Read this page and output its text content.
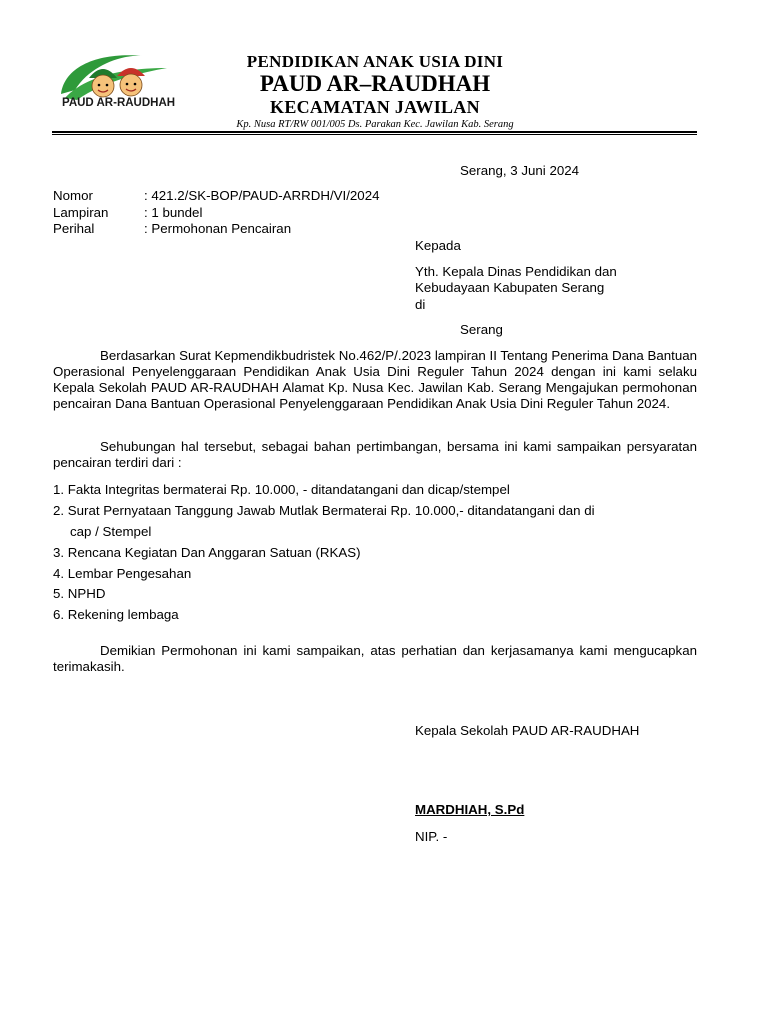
PAUD AR-RAUDHAH
PENDIDIKAN ANAK USIA DINI
PAUD AR–RAUDHAH
KECAMATAN JAWILAN
Kp. Nusa RT/RW 001/005 Ds. Parakan Kec. Jawilan Kab. Serang
Serang, 3 Juni 2024
Nomor	: 421.2/SK-BOP/PAUD-ARRDH/VI/2024
Lampiran	: 1 bundel
Perihal	: Permohonan Pencairan
Kepada
Yth. Kepala Dinas Pendidikan dan
Kebudayaan Kabupaten Serang
di
Serang
Berdasarkan Surat Kepmendikbudristek No.462/P/.2023 lampiran II Tentang Penerima Dana Bantuan Operasional Penyelenggaraan Pendidikan Anak Usia Dini Reguler Tahun 2024 dengan ini kami selaku Kepala Sekolah PAUD AR-RAUDHAH Alamat Kp. Nusa Kec. Jawilan Kab. Serang Mengajukan permohonan pencairan Dana Bantuan Operasional Penyelenggaraan Pendidikan Anak Usia Dini Reguler Tahun 2024.
Sehubungan hal tersebut, sebagai bahan pertimbangan, bersama ini kami sampaikan persyaratan pencairan terdiri dari :
1. Fakta Integritas bermaterai Rp. 10.000, - ditandatangani dan dicap/stempel
2. Surat Pernyataan Tanggung Jawab Mutlak Bermaterai Rp. 10.000,- ditandatangani dan di
cap / Stempel
3. Rencana Kegiatan Dan Anggaran Satuan (RKAS)
4. Lembar Pengesahan
5. NPHD
6. Rekening lembaga
Demikian Permohonan ini kami sampaikan, atas perhatian dan kerjasamanya kami mengucapkan terimakasih.
Kepala Sekolah PAUD AR-RAUDHAH
MARDHIAH, S.Pd
NIP. -
